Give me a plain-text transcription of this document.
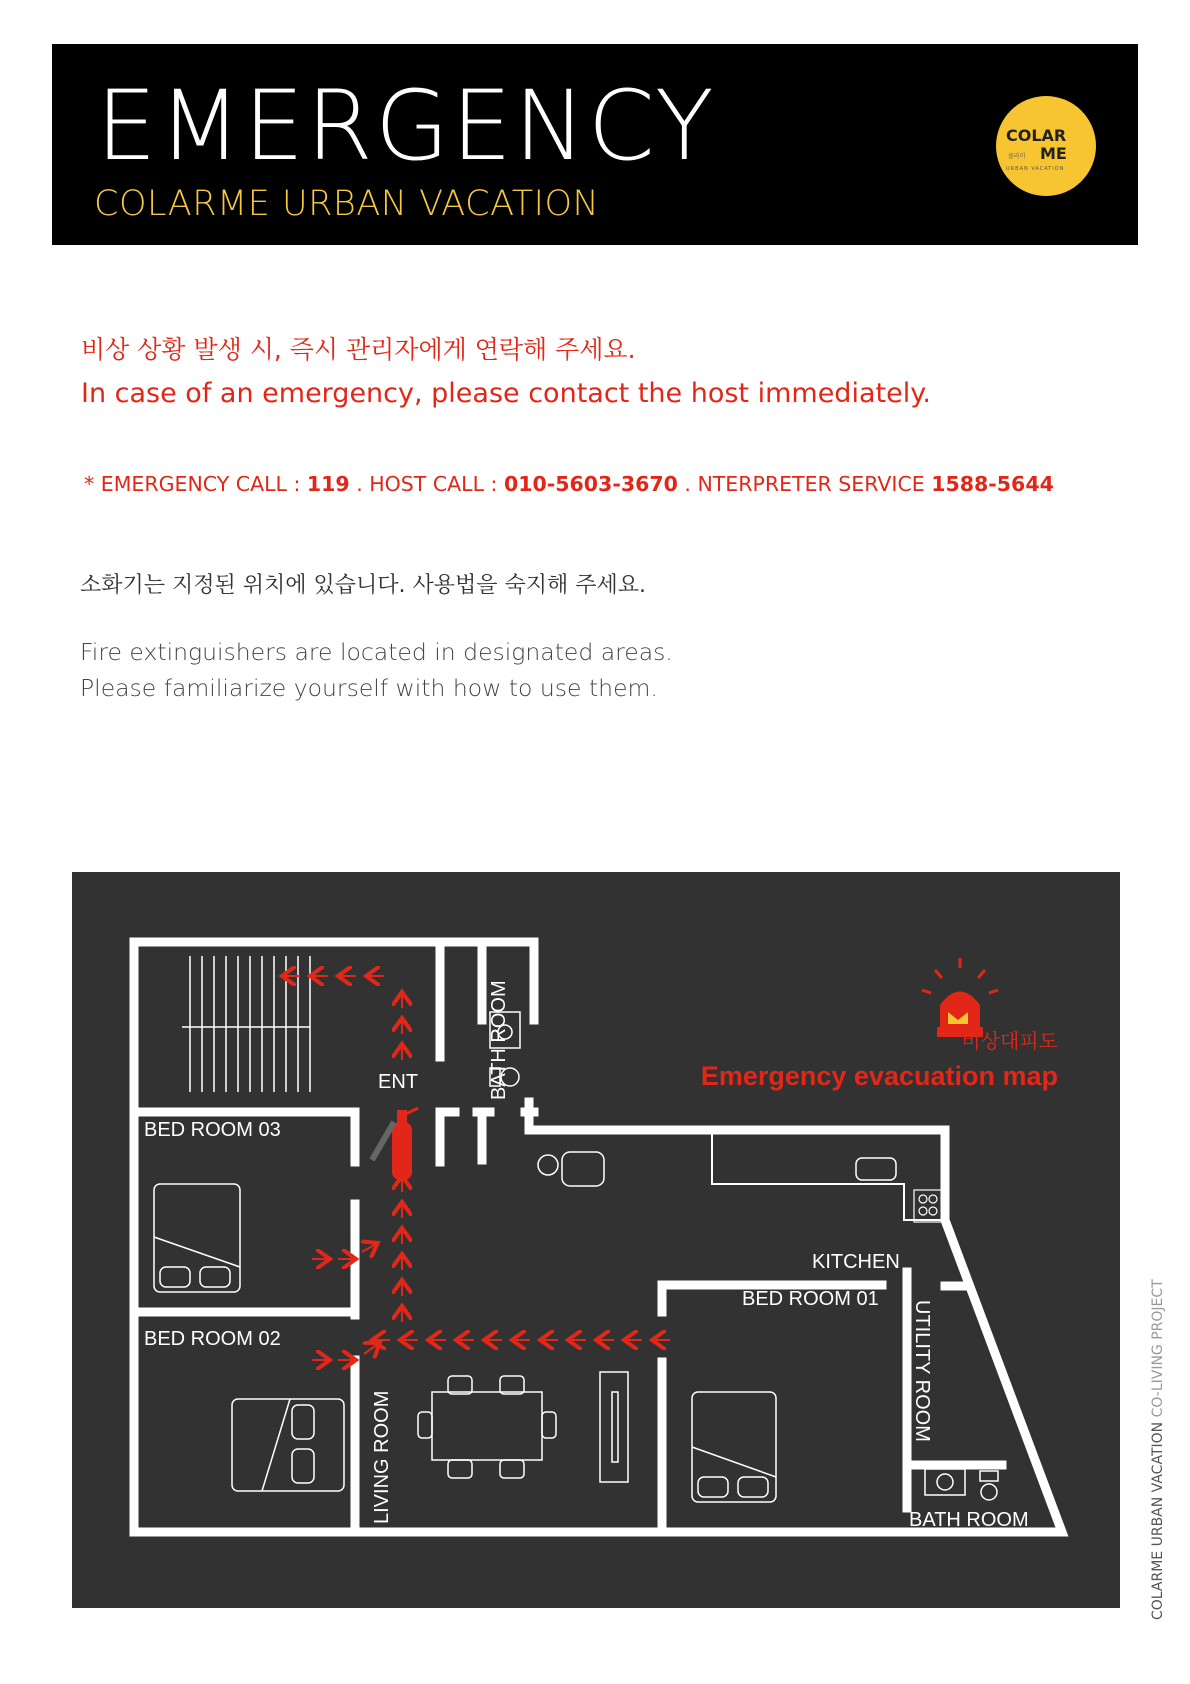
EMERGENCY
COLARME URBAN VACATION
COLAR
ME
콜라미
URBAN VACATION
비상 상황 발생 시, 즉시 관리자에게 연락해 주세요.
In case of an emergency, please contact the host immediately.
* EMERGENCY CALL : 119 . HOST CALL : 010-5603-3670 . NTERPRETER SERVICE 1588-5644
소화기는 지정된 위치에 있습니다. 사용법을 숙지해 주세요.
Fire extinguishers are located in designated areas.
Please familiarize yourself with how to use them.
BED ROOM 03
BED ROOM 02
BED ROOM 01
KITCHEN
ENT
BATH ROOM
BATH ROOM
UTILITY ROOM
LIVING ROOM
비상대피도
Emergency evacuation map
COLARME URBAN VACATION CO-LIVING PROJECT
